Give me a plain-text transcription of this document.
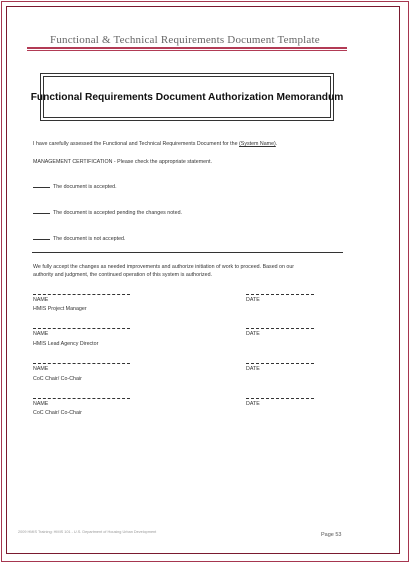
Functional & Technical Requirements Document Template
Functional Requirements Document Authorization Memorandum
I have carefully assessed the Functional and Technical Requirements Document for the (System Name).
MANAGEMENT CERTIFICATION - Please check the appropriate statement.
The document is accepted.
The document is accepted pending the changes noted.
The document is not accepted.
We fully accept the changes as needed improvements and authorize initiation of work to proceed. Based on our
authority and judgment, the continued operation of this system is authorized.
NAME	DATE
HMIS Project Manager
NAME	DATE
HMIS Lead Agency Director
NAME	DATE
CoC Chair/ Co-Chair
NAME	DATE
CoC Chair/ Co-Chair
2009 HMIS Training: HMIS 101 - U.S. Department of Housing Urban Development	Page 53
